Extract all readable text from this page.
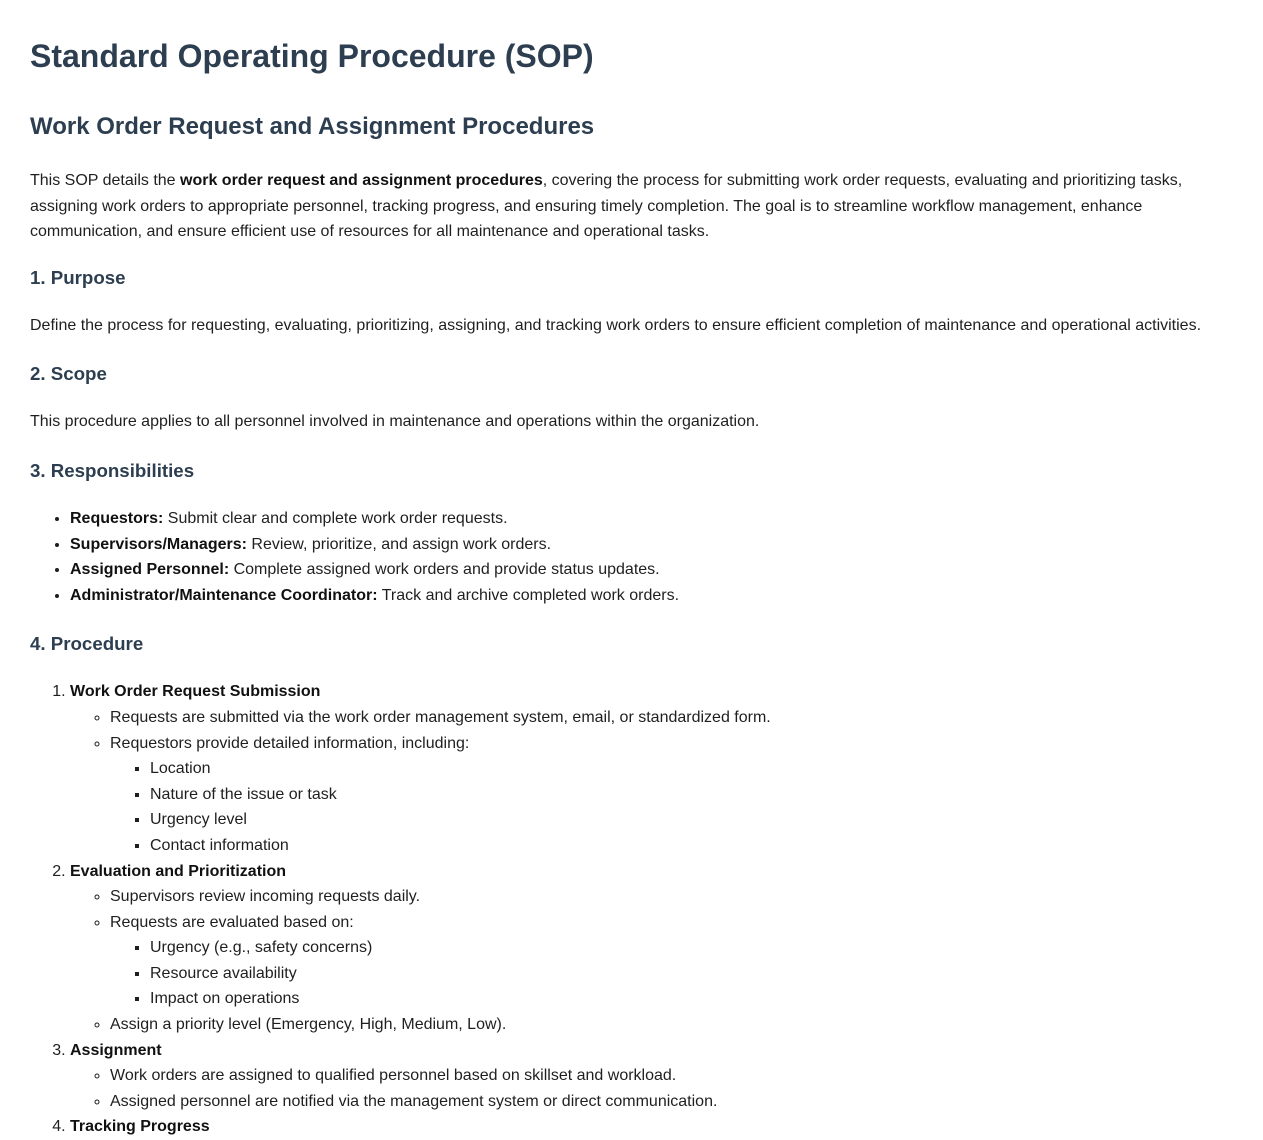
Standard Operating Procedure (SOP)
Work Order Request and Assignment Procedures

This SOP details the work order request and assignment procedures, covering the process for submitting work order requests, evaluating and prioritizing tasks, assigning work orders to appropriate personnel, tracking progress, and ensuring timely completion. The goal is to streamline workflow management, enhance communication, and ensure efficient use of resources for all maintenance and operational tasks.

1. Purpose

Define the process for requesting, evaluating, prioritizing, assigning, and tracking work orders to ensure efficient completion of maintenance and operational activities.

2. Scope

This procedure applies to all personnel involved in maintenance and operations within the organization.

3. Responsibilities
• Requestors: Submit clear and complete work order requests.
• Supervisors/Managers: Review, prioritize, and assign work orders.
• Assigned Personnel: Complete assigned work orders and provide status updates.
• Administrator/Maintenance Coordinator: Track and archive completed work orders.
4. Procedure
1. Work Order Request Submission
◦ Requests are submitted via the work order management system, email, or standardized form.
◦ Requestors provide detailed information, including:
▪ Location
▪ Nature of the issue or task
▪ Urgency level
▪ Contact information
2. Evaluation and Prioritization
◦ Supervisors review incoming requests daily.
◦ Requests are evaluated based on:
▪ Urgency (e.g., safety concerns)
▪ Resource availability
▪ Impact on operations
◦ Assign a priority level (Emergency, High, Medium, Low).
3. Assignment
◦ Work orders are assigned to qualified personnel based on skillset and workload.
◦ Assigned personnel are notified via the management system or direct communication.
4. Tracking Progress
